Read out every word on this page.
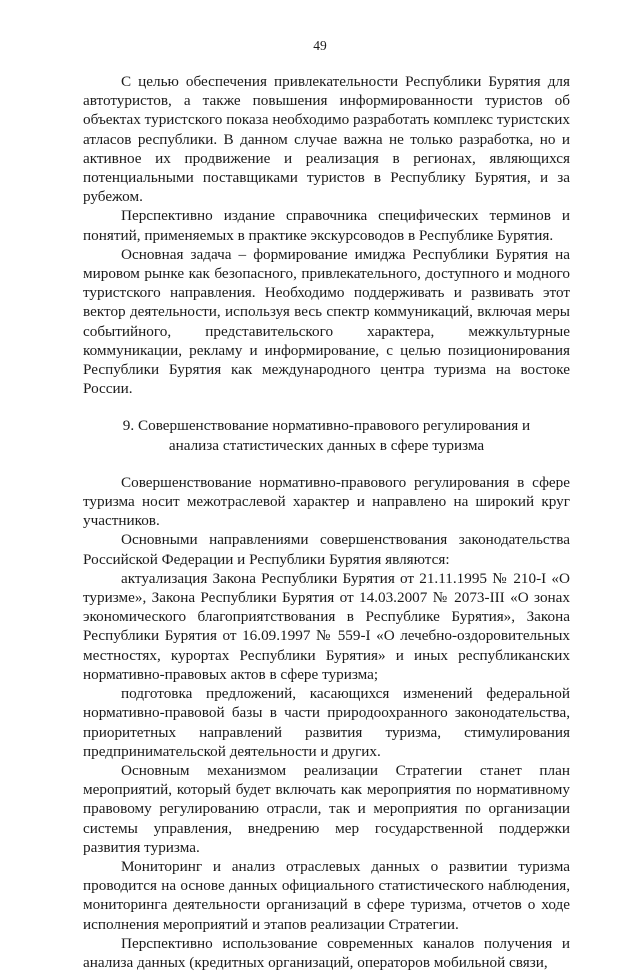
49

С целью обеспечения привлекательности Республики Бурятия для автотуристов, а также повышения информированности туристов об объектах туристского показа необходимо разработать комплекс туристских атласов республики. В данном случае важна не только разработка, но и активное их продвижение и реализация в регионах, являющихся потенциальными поставщиками туристов в Республику Бурятия, и за рубежом.

Перспективно издание справочника специфических терминов и понятий, применяемых в практике экскурсоводов в Республике Бурятия.

Основная задача – формирование имиджа Республики Бурятия на мировом рынке как безопасного, привлекательного, доступного и модного туристского направления. Необходимо поддерживать и развивать этот вектор деятельности, используя весь спектр коммуникаций, включая меры событийного, представительского характера, межкультурные коммуникации, рекламу и информирование, с целью позиционирования Республики Бурятия как международного центра туризма на востоке России.

9. Совершенствование нормативно-правового регулирования и
анализа статистических данных в сфере туризма

Совершенствование нормативно-правового регулирования в сфере туризма носит межотраслевой характер и направлено на широкий круг участников.

Основными направлениями совершенствования законодательства Российской Федерации и Республики Бурятия являются:

актуализация Закона Республики Бурятия от 21.11.1995 № 210-I «О туризме», Закона Республики Бурятия от 14.03.2007 № 2073-III «О зонах экономического благоприятствования в Республике Бурятия», Закона Республики Бурятия от 16.09.1997 № 559-I «О лечебно-оздоровительных местностях, курортах Республики Бурятия» и иных республиканских нормативно-правовых актов в сфере туризма;

подготовка предложений, касающихся изменений федеральной нормативно-правовой базы в части природоохранного законодательства, приоритетных направлений развития туризма, стимулирования предпринимательской деятельности и других.

Основным механизмом реализации Стратегии станет план мероприятий, который будет включать как мероприятия по нормативному правовому регулированию отрасли, так и мероприятия по организации системы управления, внедрению мер государственной поддержки развития туризма.

Мониторинг и анализ отраслевых данных о развитии туризма проводится на основе данных официального статистического наблюдения, мониторинга деятельности организаций в сфере туризма, отчетов о ходе исполнения мероприятий и этапов реализации Стратегии.

Перспективно использование современных каналов получения и анализа данных (кредитных организаций, операторов мобильной связи,
